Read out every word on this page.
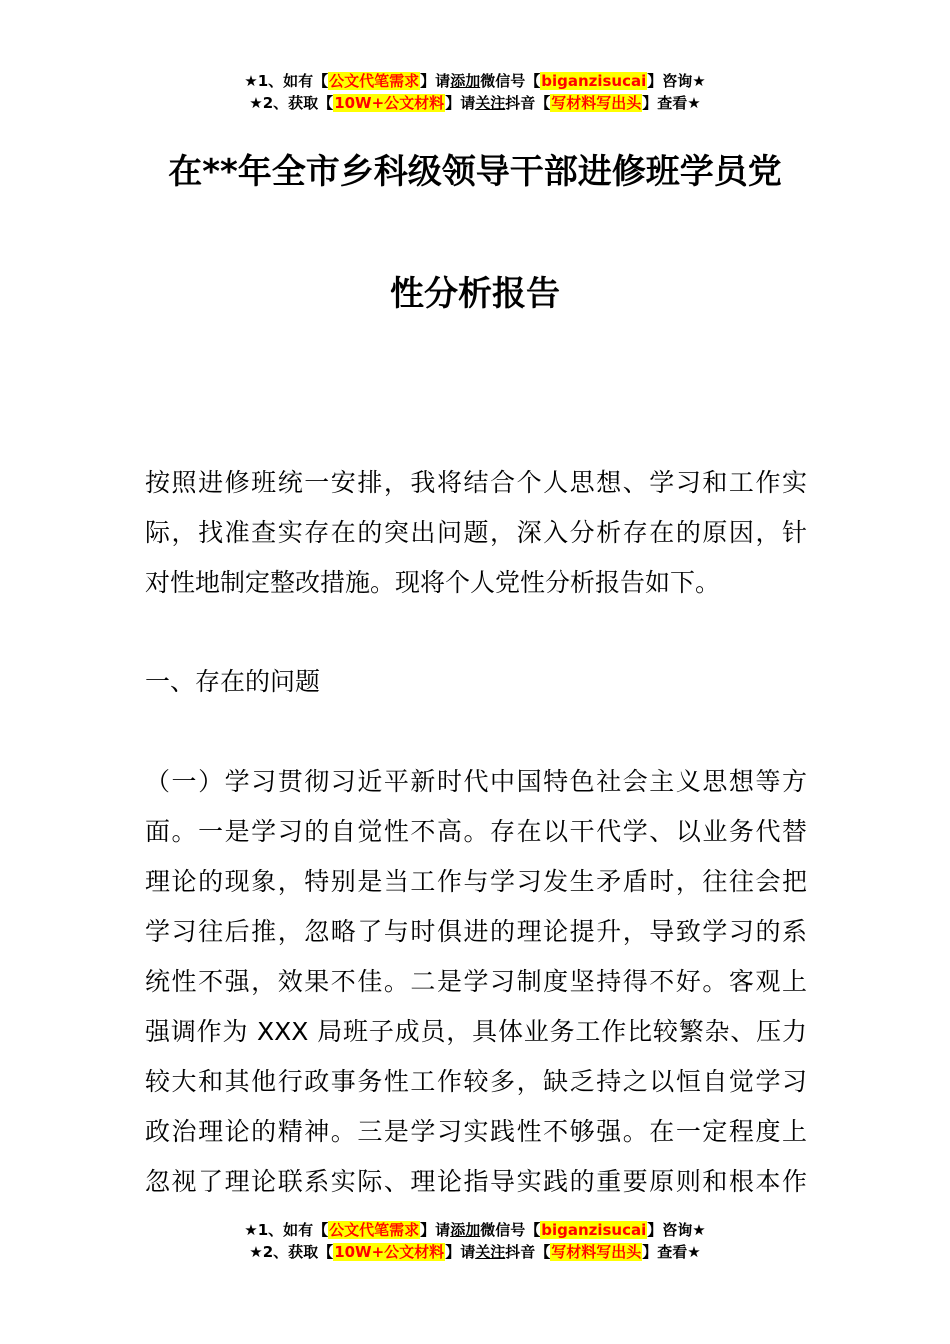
★1、如有【公文代笔需求】请添加微信号【biganzisucai】咨询★
★2、获取【10W+公文材料】请关注抖音【写材料写出头】查看★
在**年全市乡科级领导干部进修班学员党
性分析报告
按照进修班统一安排，我将结合个人思想、学习和工作实
际，找准查实存在的突出问题，深入分析存在的原因，针
对性地制定整改措施。现将个人党性分析报告如下。
一、存在的问题
（一）学习贯彻习近平新时代中国特色社会主义思想等方
面。一是学习的自觉性不高。存在以干代学、以业务代替
理论的现象，特别是当工作与学习发生矛盾时，往往会把
学习往后推，忽略了与时俱进的理论提升，导致学习的系
统性不强，效果不佳。二是学习制度坚持得不好。客观上
强调作为 XXX 局班子成员，具体业务工作比较繁杂、压力
较大和其他行政事务性工作较多，缺乏持之以恒自觉学习
政治理论的精神。三是学习实践性不够强。在一定程度上
忽视了理论联系实际、理论指导实践的重要原则和根本作
★1、如有【公文代笔需求】请添加微信号【biganzisucai】咨询★
★2、获取【10W+公文材料】请关注抖音【写材料写出头】查看★
